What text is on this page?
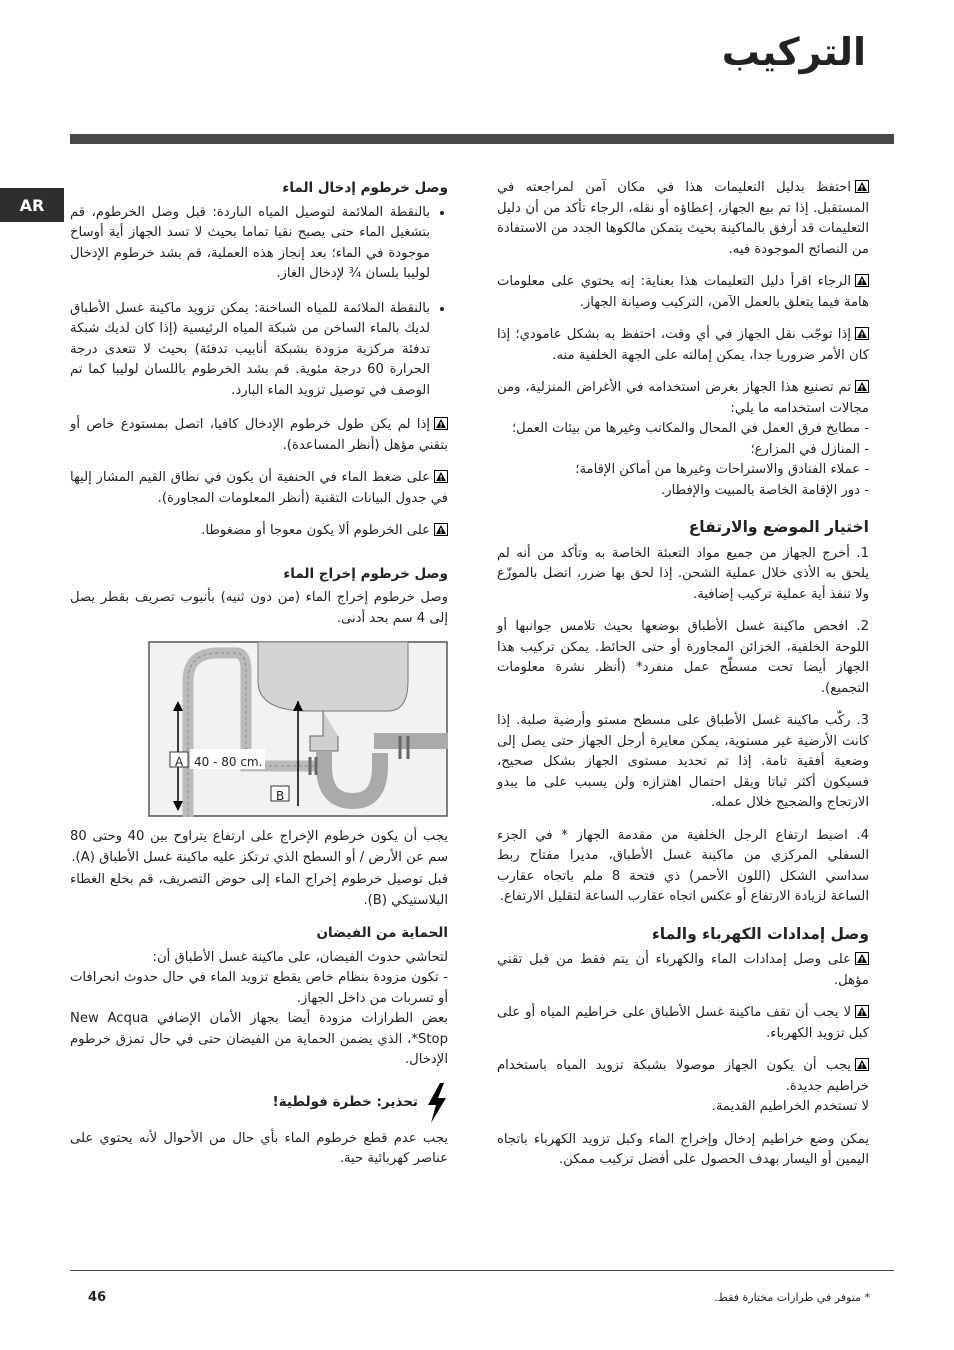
التركيب
AR

احتفظ بدليل التعليمات هذا في مكان آمن لمراجعته في المستقبل. إذا تم بيع الجهاز، إعطاؤه أو نقله، الرجاء تأكد من أن دليل التعليمات قد أرفق بالماكينة بحيث يتمكن مالكوها الجدد من الاستفادة من النصائح الموجودة فيه.

الرجاء اقرأ دليل التعليمات هذا بعناية: إنه يحتوي على معلومات هامة فيما يتعلق بالعمل الآمن، التركيب وصيانة الجهاز.

إذا توجّب نقل الجهاز في أي وقت، احتفظ به بشكل عامودي؛ إذا كان الأمر ضروريا جدا، يمكن إمالته على الجهة الخلفية منه.

تم تصنيع هذا الجهاز بغرض استخدامه في الأغراض المنزلية، ومن مجالات استخدامه ما يلي:
- مطابخ فرق العمل في المحال والمكاتب وغيرها من بيئات العمل؛
- المنازل في المزارع؛
- عملاء الفنادق والاستراحات وغيرها من أماكن الإقامة؛
- دور الإقامة الخاصة بالمبيت والإفطار.
اختيار الموضع والارتفاع

1. أخرج الجهاز من جميع مواد التعبئة الخاصة به وتأكد من أنه لم يلحق به الأذى خلال عملية الشحن. إذا لحق بها ضرر، اتصل بالموزّع ولا تنفذ أية عملية تركيب إضافية.

2. افحص ماكينة غسل الأطباق بوضعها بحيث تلامس جوانبها أو اللوحة الخلفية، الخزائن المجاورة أو حتى الحائط. يمكن تركيب هذا الجهاز أيضا تحت مسطّح عمل منفرد* (أنظر نشرة معلومات التجميع).

3. ركّب ماكينة غسل الأطباق على مسطح مستو وأرضية صلبة. إذا كانت الأرضية غير مستوية، يمكن معايرة أرجل الجهاز حتى يصل إلى وضعية أفقية تامة. إذا تم تحديد مستوى الجهاز بشكل صحيح، فسيكون أكثر ثباتا ويقل احتمال اهتزازه ولن يسبب على ما يبدو الارتجاج والضجيج خلال عمله.

4. اضبط ارتفاع الرجل الخلفية من مقدمة الجهاز * في الجزء السفلي المركزي من ماكينة غسل الأطباق، مديرا مفتاح ربط سداسي الشكل (اللون الأحمر) ذي فتحة 8 ملم باتجاه عقارب الساعة لزيادة الارتفاع أو عكس اتجاه عقارب الساعة لتقليل الارتفاع.

وصل إمدادات الكهرباء والماء

على وصل إمدادات الماء والكهرباء أن يتم فقط من قبل تقني مؤهل.

لا يجب أن تقف ماكينة غسل الأطباق على خراطيم المياه أو على كبل تزويد الكهرباء.

يجب أن يكون الجهاز موصولا بشبكة تزويد المياه باستخدام خراطيم جديدة.
لا تستخدم الخراطيم القديمة.

يمكن وضع خراطيم إدخال وإخراج الماء وكبل تزويد الكهرباء باتجاه اليمين أو اليسار بهدف الحصول على أفضل تركيب ممكن.

وصل خرطوم إدخال الماء
• بالنقطة الملائمة لتوصيل المياه الباردة: قبل وصل الخرطوم، قم بتشغيل الماء حتى يصبح نقيا تماما بحيث لا تسد الجهاز أية أوساخ موجودة في الماء؛ بعد إنجاز هذه العملية، قم بشد خرطوم الإدخال لوليبا بلسان ¾ لإدخال الغاز.
• بالنقطة الملائمة للمياه الساخنة: يمكن تزويد ماكينة غسل الأطباق لديك بالماء الساخن من شبكة المياه الرئيسية (إذا كان لديك شبكة تدفئة مركزية مزودة بشبكة أنابيب تدفئة) بحيث لا تتعدى درجة الحرارة 60 درجة مئوية. قم بشد الخرطوم باللسان لوليبا كما تم الوصف في توصيل تزويد الماء البارد.

إذا لم يكن طول خرطوم الإدخال كافيا، اتصل بمستودع خاص أو بتقني مؤهل (أنظر المساعدة).

على ضغط الماء في الحنفية أن يكون في نطاق القيم المشار إليها في جدول البيانات التقنية (أنظر المعلومات المجاورة).

على الخرطوم ألا يكون معوجا أو مضغوطا.

وصل خرطوم إخراج الماء

وصل خرطوم إخراج الماء (من دون ثنيه) بأنبوب تصريف بقطر يصل إلى 4 سم بحد أدنى.

A
B
40 - 80 cm.

يجب أن يكون خرطوم الإخراج على ارتفاع يتراوح بين 40 وحتى 80 سم عن الأرض / أو السطح الذي ترتكز عليه ماكينة غسل الأطباق (A).

قبل توصيل خرطوم إخراج الماء إلى حوض التصريف، قم بخلع الغطاء البلاستيكي (B).

الحماية من الفيضان
لتحاشي حدوث الفيضان، على ماكينة غسل الأطباق أن:
- تكون مزودة بنظام خاص يقطع تزويد الماء في حال حدوث انحرافات أو تسربات من داخل الجهاز.

بعض الطرازات مزودة أيضا بجهاز الأمان الإضافي New Acqua Stop*، الذي يضمن الحماية من الفيضان حتى في حال تمزق خرطوم الإدخال.

تحذير: خطرة فولطية!

يجب عدم قطع خرطوم الماء بأي حال من الأحوال لأنه يحتوي على عناصر كهربائية حية.

46	* متوفر في طرازات مختارة فقط.
